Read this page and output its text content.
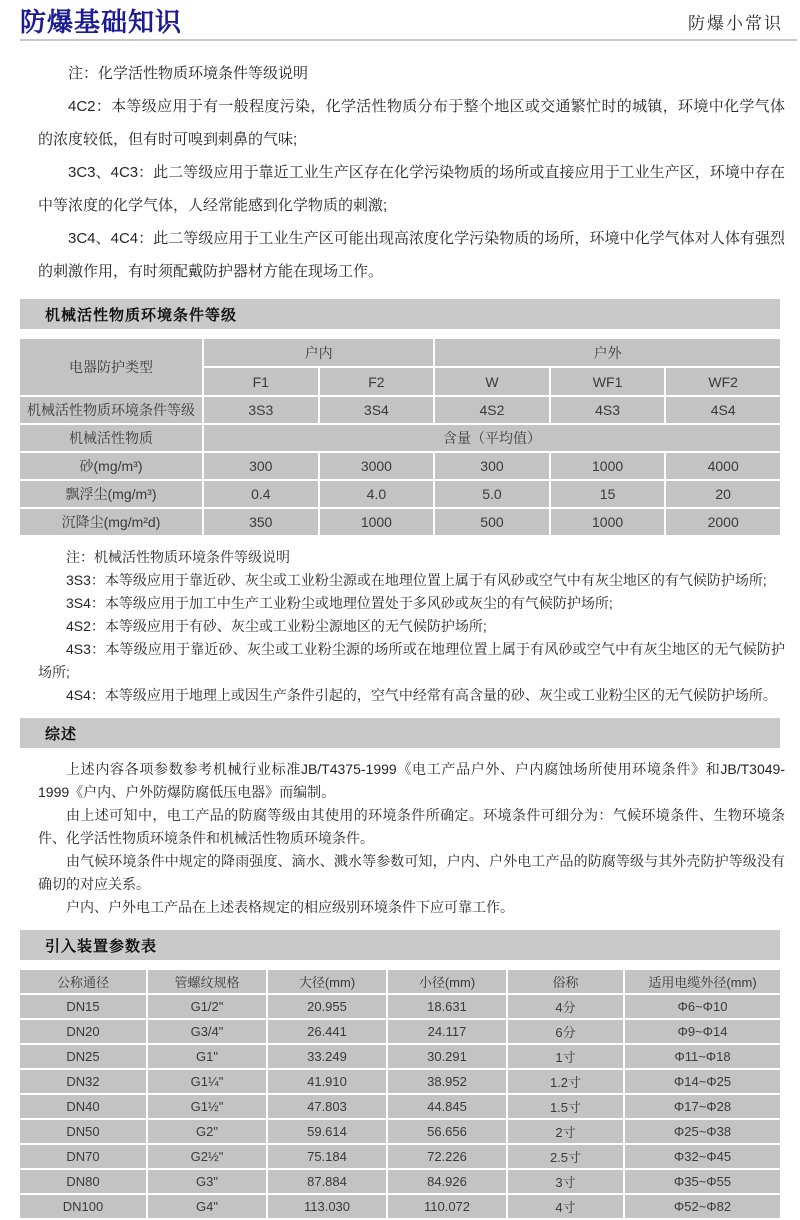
防爆基础知识	防爆小常识

注：化学活性物质环境条件等级说明

4C2：本等级应用于有一般程度污染，化学活性物质分布于整个地区或交通繁忙时的城镇，环境中化学气体的浓度较低，但有时可嗅到刺鼻的气味;

3C3、4C3：此二等级应用于靠近工业生产区存在化学污染物质的场所或直接应用于工业生产区，环境中存在中等浓度的化学气体，人经常能感到化学物质的刺激;

3C4、4C4：此二等级应用于工业生产区可能出现高浓度化学污染物质的场所，环境中化学气体对人体有强烈的刺激作用，有时须配戴防护器材方能在现场工作。

机械活性物质环境条件等级
电器防护类型	户内		户外		
	F1	F2	W	WF1	WF2
机械活性物质环境条件等级	3S3	3S4	4S2	4S3	4S4
机械活性物质	含量（平均值）				
砂(mg/m³)	300	3000	300	1000	4000
飘浮尘(mg/m³)	0.4	4.0	5.0	15	20
沉降尘(mg/m²d)	350	1000	500	1000	2000

注：机械活性物质环境条件等级说明

3S3：本等级应用于靠近砂、灰尘或工业粉尘源或在地理位置上属于有风砂或空气中有灰尘地区的有气候防护场所;

3S4：本等级应用于加工中生产工业粉尘或地理位置处于多风砂或灰尘的有气候防护场所;

4S2：本等级应用于有砂、灰尘或工业粉尘源地区的无气候防护场所;

4S3：本等级应用于靠近砂、灰尘或工业粉尘源的场所或在地理位置上属于有风砂或空气中有灰尘地区的无气候防护场所;

4S4：本等级应用于地理上或因生产条件引起的，空气中经常有高含量的砂、灰尘或工业粉尘区的无气候防护场所。

综述

上述内容各项参数参考机械行业标准JB/T4375-1999《电工产品户外、户内腐蚀场所使用环境条件》和JB/T3049-1999《户内、户外防爆防腐低压电器》而编制。

由上述可知中，电工产品的防腐等级由其使用的环境条件所确定。环境条件可细分为：气候环境条件、生物环境条件、化学活性物质环境条件和机械活性物质环境条件。

由气候环境条件中规定的降雨强度、滴水、溅水等参数可知，户内、户外电工产品的防腐等级与其外壳防护等级没有确切的对应关系。

户内、户外电工产品在上述表格规定的相应级别环境条件下应可靠工作。

引入装置参数表
公称通径	管螺纹规格	大径(mm)	小径(mm)	俗称	适用电缆外径(mm)
DN15	G1/2"	20.955	18.631	4分	Φ6~Φ10
DN20	G3/4"	26.441	24.117	6分	Φ9~Φ14
DN25	G1"	33.249	30.291	1寸	Φ11~Φ18
DN32	G1¼"	41.910	38.952	1.2寸	Φ14~Φ25
DN40	G1½"	47.803	44.845	1.5寸	Φ17~Φ28
DN50	G2"	59.614	56.656	2寸	Φ25~Φ38
DN70	G2½"	75.184	72.226	2.5寸	Φ32~Φ45
DN80	G3"	87.884	84.926	3寸	Φ35~Φ55
DN100	G4"	113.030	110.072	4寸	Φ52~Φ82
